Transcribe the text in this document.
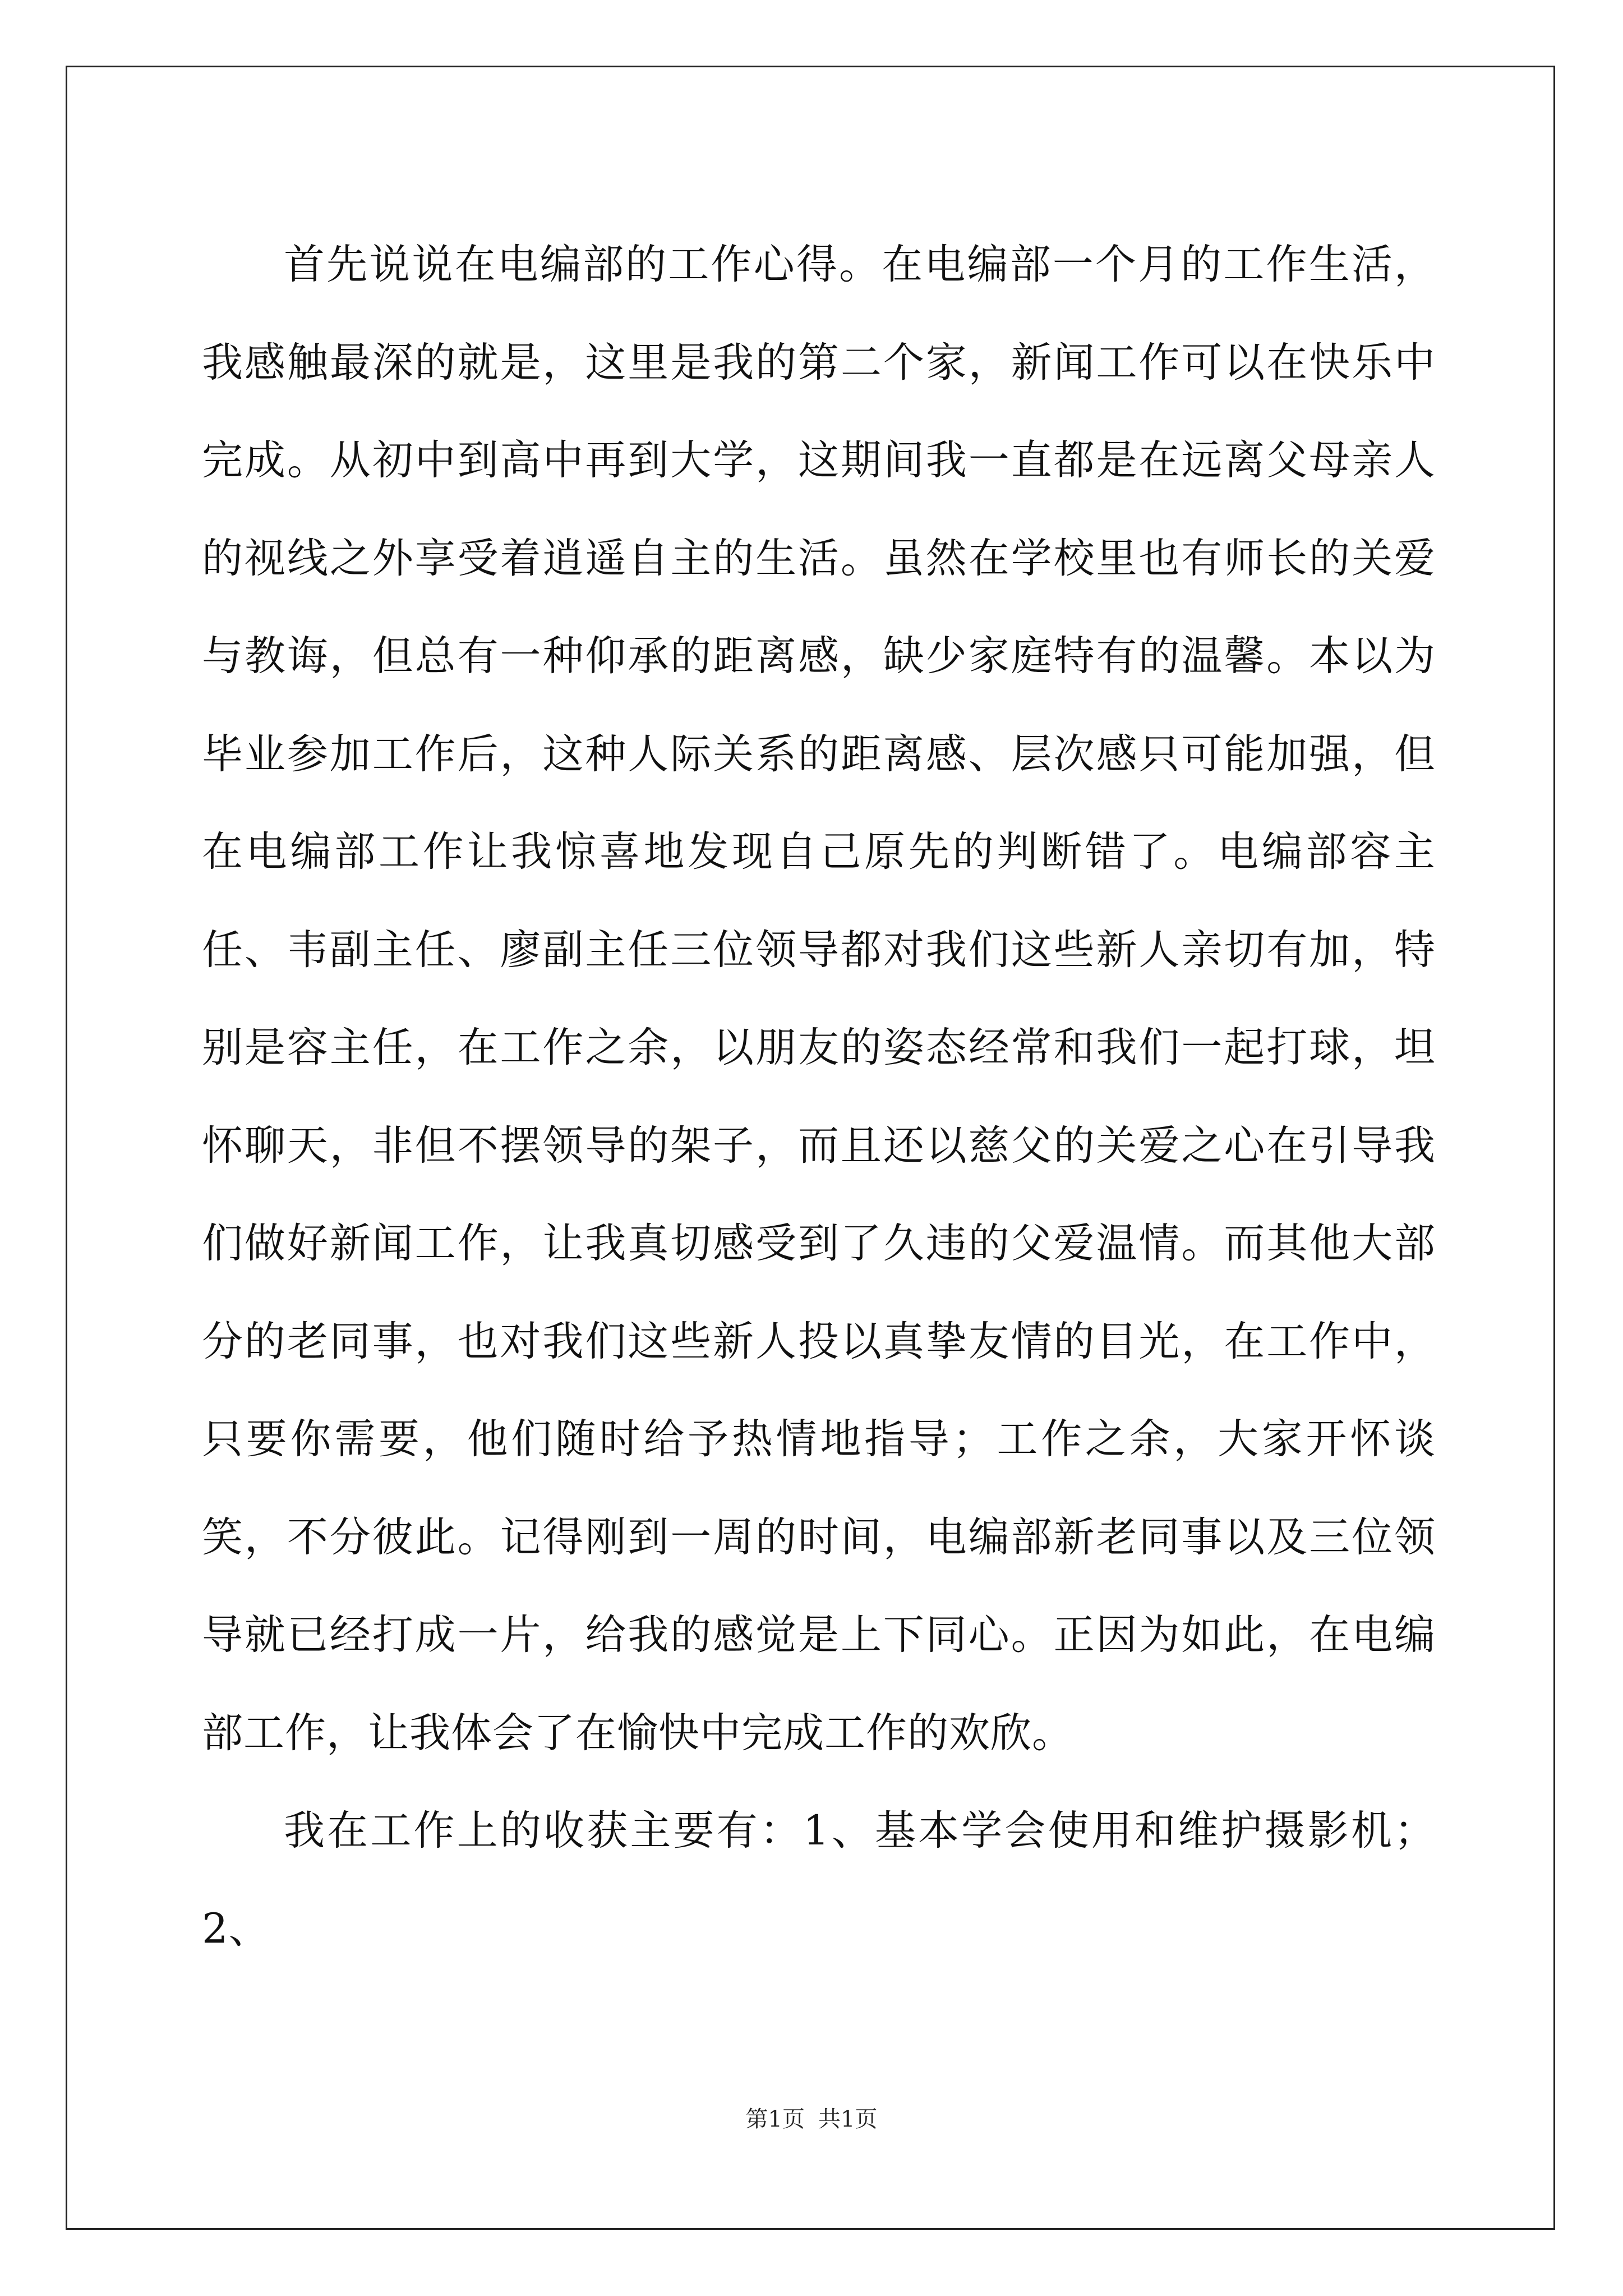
首先说说在电编部的工作心得。在电编部一个月的工作生活，我感触最深的就是，这里是我的第二个家，新闻工作可以在快乐中完成。从初中到高中再到大学，这期间我一直都是在远离父母亲人的视线之外享受着逍遥自主的生活。虽然在学校里也有师长的关爱与教诲，但总有一种仰承的距离感，缺少家庭特有的温馨。本以为毕业参加工作后，这种人际关系的距离感、层次感只可能加强，但在电编部工作让我惊喜地发现自己原先的判断错了。电编部容主任、韦副主任、廖副主任三位领导都对我们这些新人亲切有加，特别是容主任，在工作之余，以朋友的姿态经常和我们一起打球，坦怀聊天，非但不摆领导的架子，而且还以慈父的关爱之心在引导我们做好新闻工作，让我真切感受到了久违的父爱温情。而其他大部分的老同事，也对我们这些新人投以真挚友情的目光，在工作中，只要你需要，他们随时给予热情地指导；工作之余，大家开怀谈笑，不分彼此。记得刚到一周的时间，电编部新老同事以及三位领导就已经打成一片，给我的感觉是上下同心。正因为如此，在电编部工作，让我体会了在愉快中完成工作的欢欣。

我在工作上的收获主要有：1、基本学会使用和维护摄影机；2、

第1页 共1页
